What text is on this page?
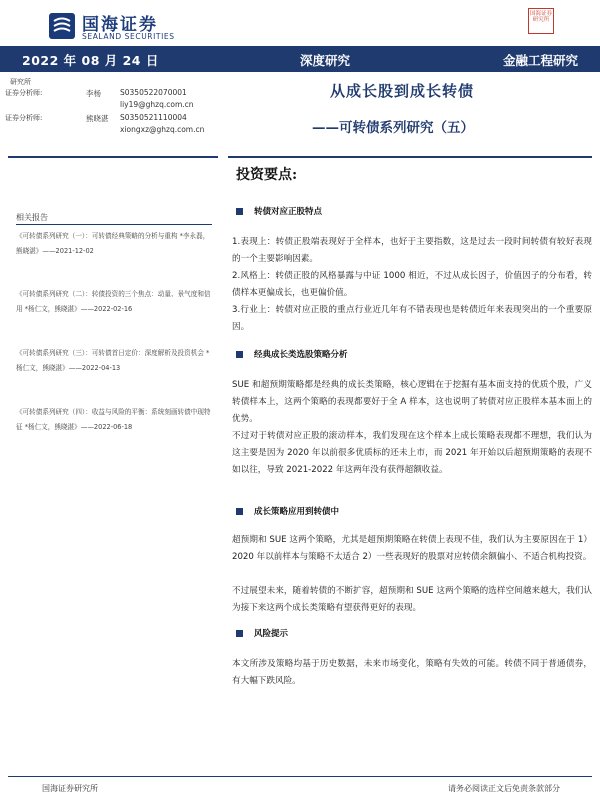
国海证券
SEALAND SECURITIES
国海证券研究所
2022 年 08 月 24 日	深度研究	金融工程研究
研究所
证券分析师:	李杨	S0350522070001
liy19@ghzq.com.cn
证券分析师:	熊晓湛 S0350521110004
xiongxz@ghzq.com.cn
从成长股到成长转债
——可转债系列研究（五）
相关报告
《可转债系列研究（一）：可转债经典策略的分析与重构 *李永磊，熊晓湛》——2021-12-02
《可转债系列研究（二）：转债投资的三个焦点：动量、景气度和信用 *杨仁文，熊晓湛》——2022-02-16
《可转债系列研究（三）：可转债首日定价：深度解析及投资机会 *杨仁文，熊晓湛》——2022-04-13
《可转债系列研究（四）：收益与风险的平衡：系统刻画转债中现特征 *杨仁文，熊晓湛》——2022-06-18
投资要点:
转债对应正股特点
1.表现上：转债正股端表现好于全样本，也好于主要指数，这是过去一段时间转债有较好表现的一个主要影响因素。
2.风格上：转债正股的风格暴露与中证 1000 相近，不过从成长因子，价值因子的分布看，转债样本更偏成长，也更偏价值。
3.行业上：转债对应正股的重点行业近几年有不错表现也是转债近年来表现突出的一个重要原因。
经典成长类选股策略分析
SUE 和超预期策略都是经典的成长类策略，核心逻辑在于挖掘有基本面支持的优质个股，广义转债样本上，这两个策略的表现都要好于全 A 样本，这也说明了转债对应正股样本基本面上的优势。
不过对于转债对应正股的滚动样本，我们发现在这个样本上成长策略表现都不理想，我们认为这主要是因为 2020 年以前很多优质标的还未上市，而 2021 年开始以后超预期策略的表现不如以往，导致 2021-2022 年这两年没有获得超额收益。
成长策略应用到转债中
超预期和 SUE 这两个策略，尤其是超预期策略在转债上表现不佳，我们认为主要原因在于 1）2020 年以前样本与策略不太适合 2）一些表现好的股票对应转债余额偏小、不适合机构投资。
不过展望未来，随着转债的不断扩容，超预期和 SUE 这两个策略的选样空间越来越大，我们认为接下来这两个成长类策略有望获得更好的表现。
风险提示
本文所涉及策略均基于历史数据，未来市场变化，策略有失效的可能。转债不同于普通债券，有大幅下跌风险。
国海证券研究所	请务必阅读正文后免责条款部分
